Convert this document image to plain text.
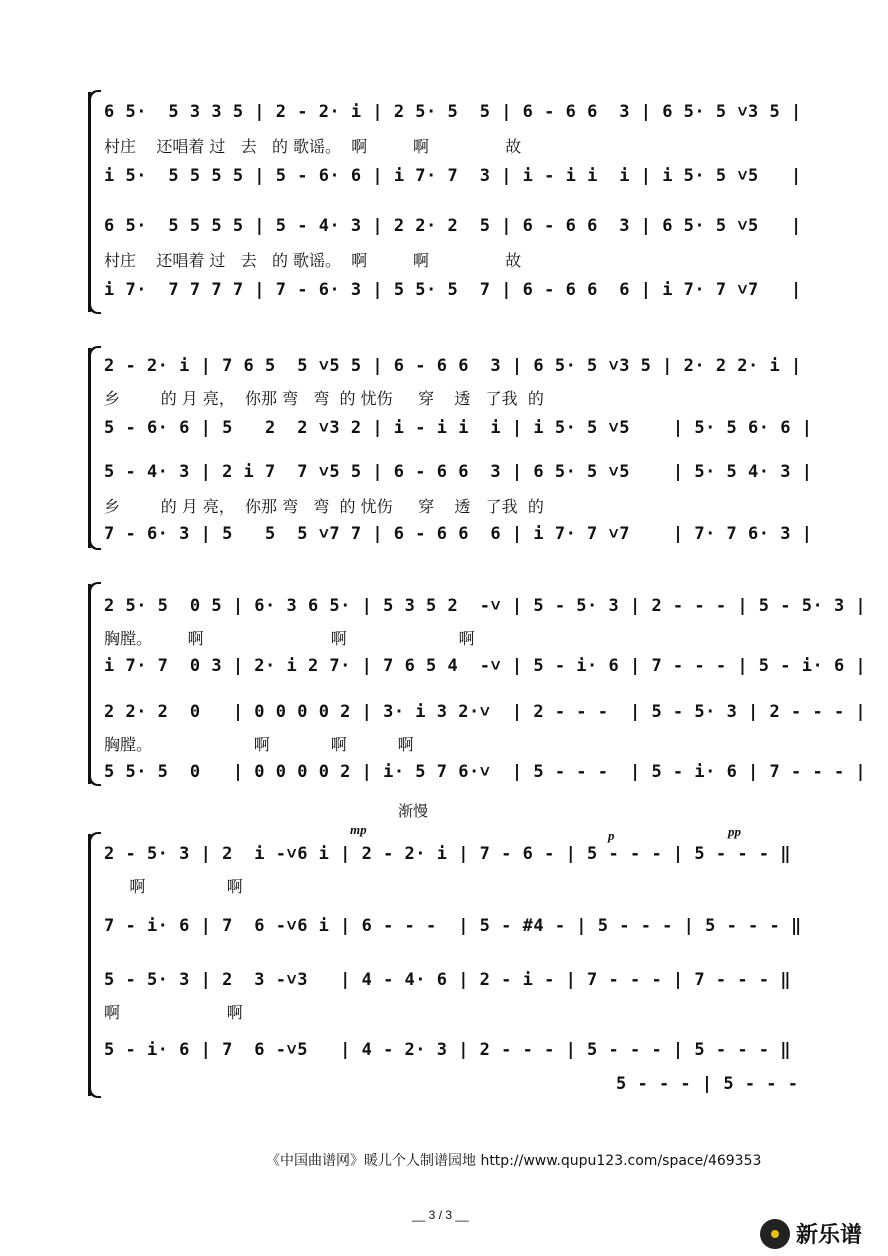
6 5·  5 3 3 5 | 2 - 2· i | 2 5· 5  5 | 6 - 6 6  3 | 6 5· 5 ˅3 5 |
村庄    还唱着 过   去   的 歌谣。  啊         啊               故
i 5·  5 5 5 5 | 5 - 6· 6 | i 7· 7  3 | i - i i  i | i 5· 5 ˅5   |
6 5·  5 5 5 5 | 5 - 4· 3 | 2 2· 2  5 | 6 - 6 6  3 | 6 5· 5 ˅5   |
村庄    还唱着 过   去   的 歌谣。  啊         啊               故
i 7·  7 7 7 7 | 7 - 6· 3 | 5 5· 5  7 | 6 - 6 6  6 | i 7· 7 ˅7   |
2 - 2· i | 7 6 5  5 ˅5 5 | 6 - 6 6  3 | 6 5· 5 ˅3 5 | 2· 2 2· i |
乡        的 月 亮，  你那 弯   弯  的 忧伤     穿    透   了我  的
5 - 6· 6 | 5   2  2 ˅3 2 | i - i i  i | i 5· 5 ˅5    | 5· 5 6· 6 |
5 - 4· 3 | 2 i 7  7 ˅5 5 | 6 - 6 6  3 | 6 5· 5 ˅5    | 5· 5 4· 3 |
乡        的 月 亮，  你那 弯   弯  的 忧伤     穿    透   了我  的
7 - 6· 3 | 5   5  5 ˅7 7 | 6 - 6 6  6 | i 7· 7 ˅7    | 7· 7 6· 3 |
2 5· 5  0 5 | 6· 3 6 5· | 5 3 5 2  -˅ | 5 - 5· 3 | 2 - - - | 5 - 5· 3 |
胸膛。       啊                         啊                      啊
i 7· 7  0 3 | 2· i 2 7· | 7 6 5 4  -˅ | 5 - i· 6 | 7 - - - | 5 - i· 6 |
2 2· 2  0   | 0 0 0 0 2 | 3· i 3 2·˅  | 2 - - -  | 5 - 5· 3 | 2 - - - |
胸膛。                    啊            啊          啊
5 5· 5  0   | 0 0 0 0 2 | i· 5 7 6·˅  | 5 - - -  | 5 - i· 6 | 7 - - - |
渐慢
mp	p	pp
2 - 5· 3 | 2  i -˅6 i | 2 - 2· i | 7 - 6 - | 5 - - - | 5 - - - ‖
啊                啊
7 - i· 6 | 7  6 -˅6 i | 6 - - -  | 5 - #4 - | 5 - - - | 5 - - - ‖
5 - 5· 3 | 2  3 -˅3   | 4 - 4· 6 | 2 - i - | 7 - - - | 7 - - - ‖
啊                     啊
5 - i· 6 | 7  6 -˅5   | 4 - 2· 3 | 2 - - - | 5 - - - | 5 - - - ‖
5 - - - | 5 - - -
《中国曲谱网》暖儿个人制谱园地 http://www.qupu123.com/space/469353
__ 3 / 3 __
新乐谱
